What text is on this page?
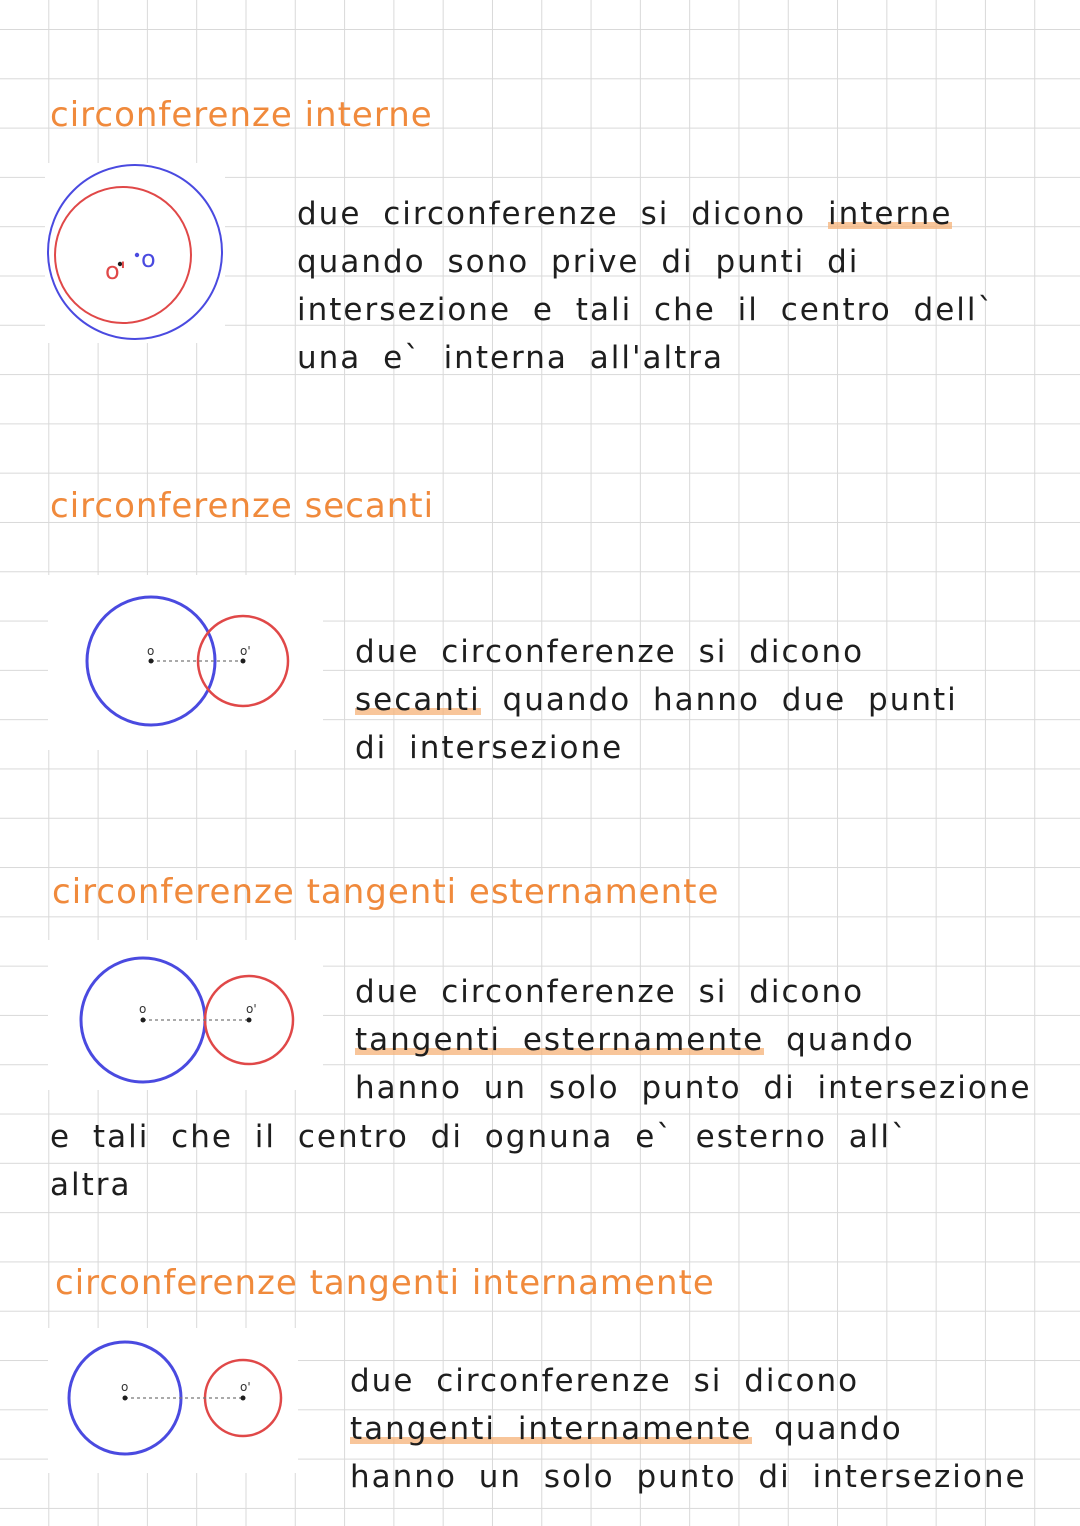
circonferenze interne
o' o

due circonferenze si dicono interne
quando sono prive di punti di
intersezione e tali che il centro dell`
una e` interna all'altra

circonferenze secanti
o	o'	due circonferenze si dicono
secanti quando hanno due punti
di intersezione

circonferenze tangenti esternamente
o	o'	due circonferenze si dicono
tangenti esternamente quando
hanno un solo punto di intersezione

e tali che il centro di ognuna e` esterno all`
altra

circonferenze tangenti internamente
o	o'	due circonferenze si dicono
tangenti internamente quando
hanno un solo punto di intersezione
